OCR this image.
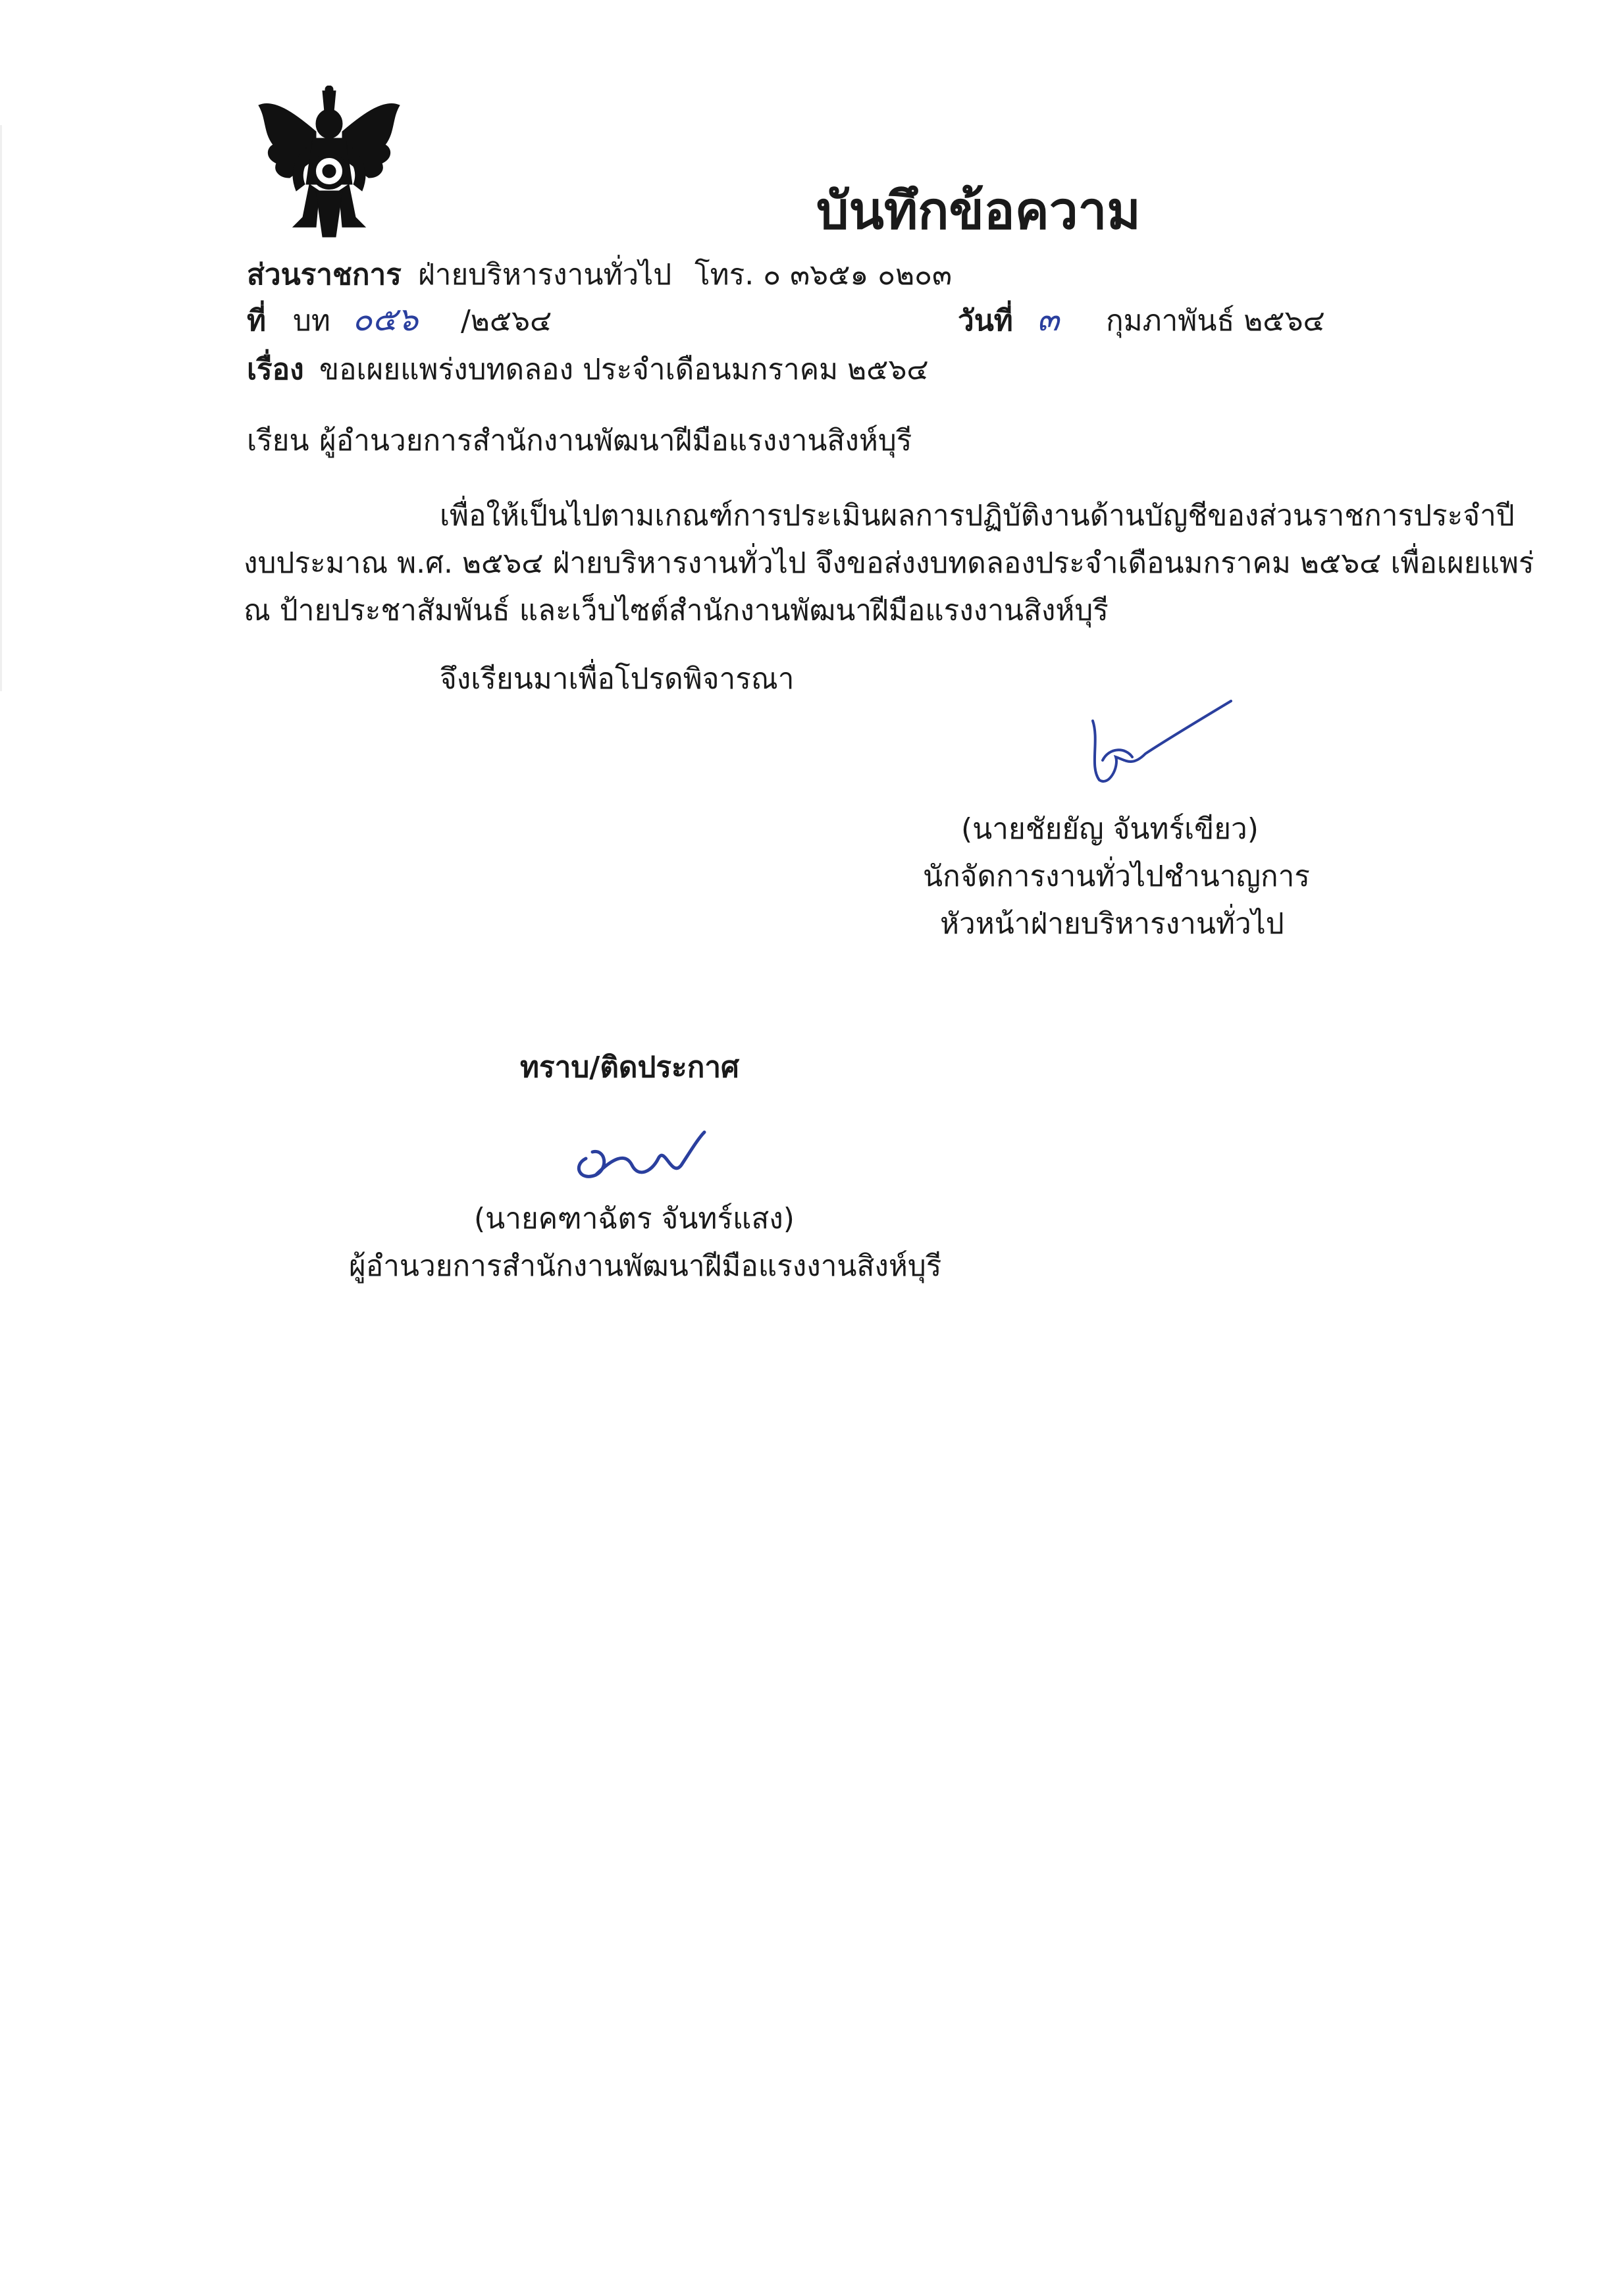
บันทึกข้อความ
ส่วนราชการ ฝ่ายบริหารงานทั่วไป โทร. ๐ ๓๖๕๑ ๐๒๐๓
ที่ บท ๐๕๖ /๒๕๖๔	วันที่ ๓ กุมภาพันธ์ ๒๕๖๔
เรื่อง ขอเผยแพร่งบทดลอง ประจำเดือนมกราคม ๒๕๖๔
เรียน ผู้อำนวยการสำนักงานพัฒนาฝีมือแรงงานสิงห์บุรี
เพื่อให้เป็นไปตามเกณฑ์การประเมินผลการปฏิบัติงานด้านบัญชีของส่วนราชการประจำปี
งบประมาณ พ.ศ. ๒๕๖๔ ฝ่ายบริหารงานทั่วไป จึงขอส่งงบทดลองประจำเดือนมกราคม ๒๕๖๔ เพื่อเผยแพร่
ณ ป้ายประชาสัมพันธ์ และเว็บไซต์สำนักงานพัฒนาฝีมือแรงงานสิงห์บุรี
จึงเรียนมาเพื่อโปรดพิจารณา
(นายชัยยัญ จันทร์เขียว)
นักจัดการงานทั่วไปชำนาญการ
หัวหน้าฝ่ายบริหารงานทั่วไป
ทราบ/ติดประกาศ
(นายคฑาฉัตร จันทร์แสง)
ผู้อำนวยการสำนักงานพัฒนาฝีมือแรงงานสิงห์บุรี
